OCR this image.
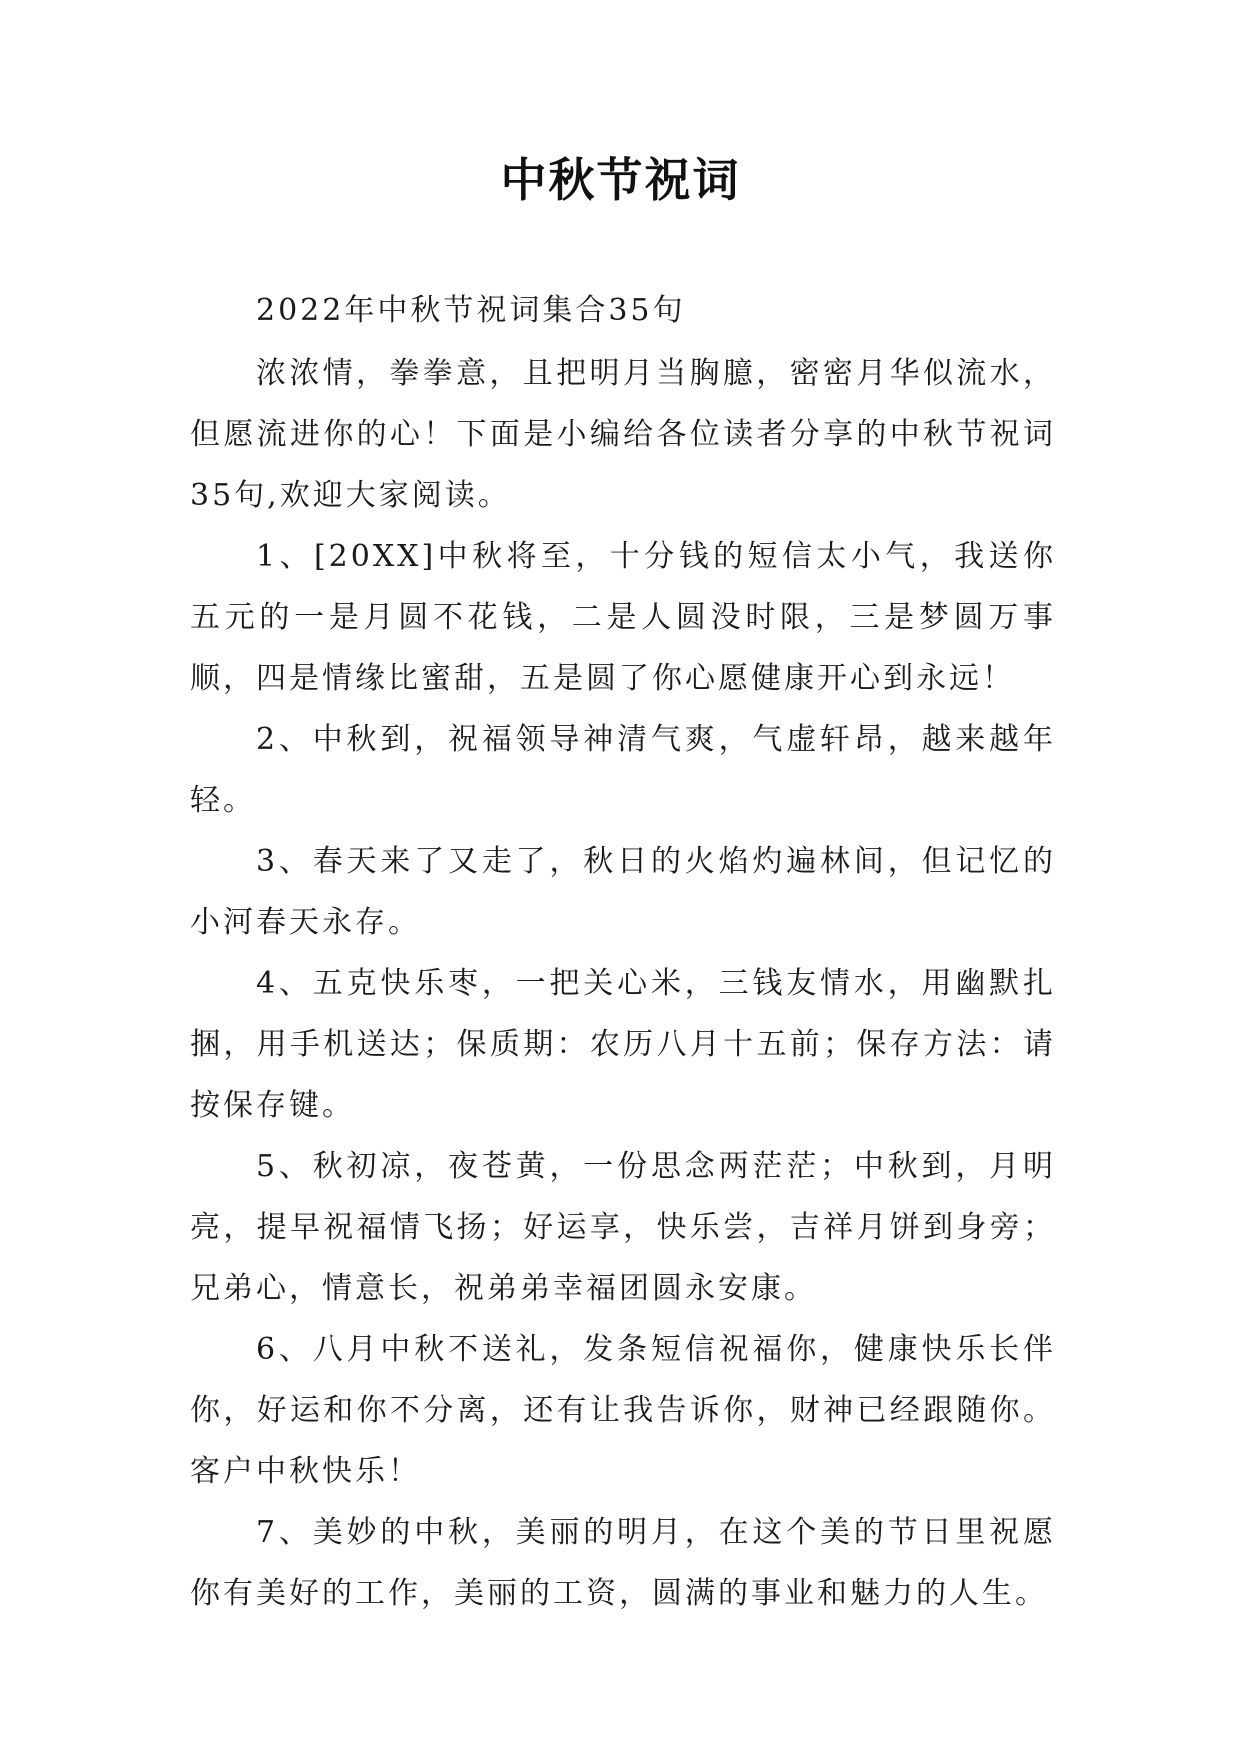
中秋节祝词

2022年中秋节祝词集合35句

浓浓情，拳拳意，且把明月当胸臆，密密月华似流水，但愿流进你的心！下面是小编给各位读者分享的中秋节祝词35句,欢迎大家阅读。

1、[20XX]中秋将至，十分钱的短信太小气，我送你五元的一是月圆不花钱，二是人圆没时限，三是梦圆万事顺，四是情缘比蜜甜，五是圆了你心愿健康开心到永远！

2、中秋到，祝福领导神清气爽，气虚轩昂，越来越年轻。

3、春天来了又走了，秋日的火焰灼遍林间，但记忆的小河春天永存。

4、五克快乐枣，一把关心米，三钱友情水，用幽默扎捆，用手机送达；保质期：农历八月十五前；保存方法：请按保存键。

5、秋初凉，夜苍黄，一份思念两茫茫；中秋到，月明亮，提早祝福情飞扬；好运享，快乐尝，吉祥月饼到身旁；兄弟心，情意长，祝弟弟幸福团圆永安康。

6、八月中秋不送礼，发条短信祝福你，健康快乐长伴你，好运和你不分离，还有让我告诉你，财神已经跟随你。客户中秋快乐！

7、美妙的中秋，美丽的明月，在这个美的节日里祝愿你有美好的工作，美丽的工资，圆满的事业和魅力的人生。
